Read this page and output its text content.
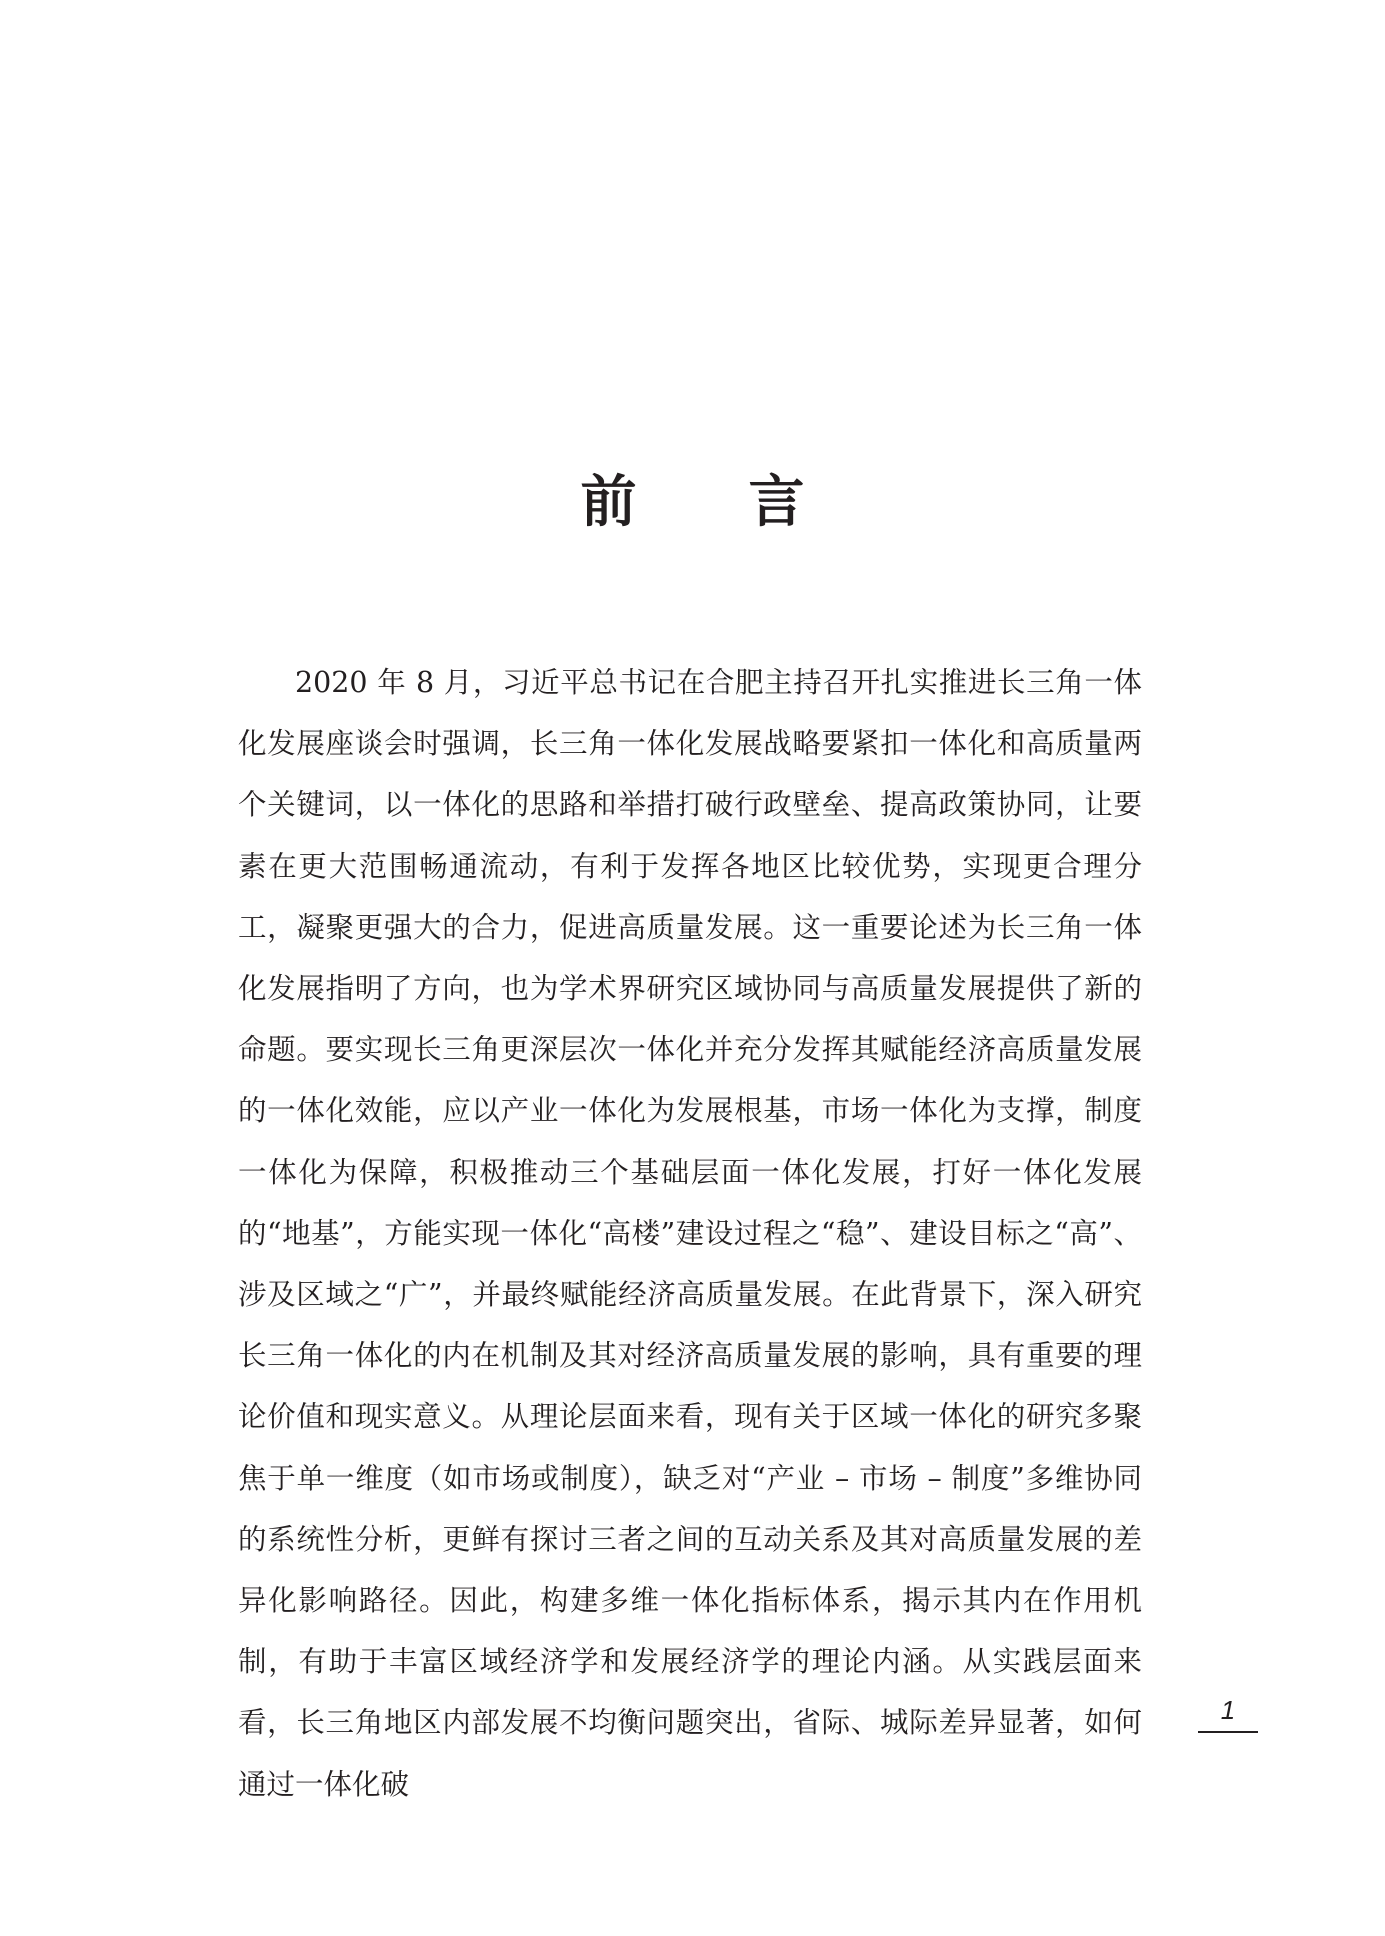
前 言

2020 年 8 月，习近平总书记在合肥主持召开扎实推进长三角一体化发展座谈会时强调，长三角一体化发展战略要紧扣一体化和高质量两个关键词，以一体化的思路和举措打破行政壁垒、提高政策协同，让要素在更大范围畅通流动，有利于发挥各地区比较优势，实现更合理分工，凝聚更强大的合力，促进高质量发展。这一重要论述为长三角一体化发展指明了方向，也为学术界研究区域协同与高质量发展提供了新的命题。要实现长三角更深层次一体化并充分发挥其赋能经济高质量发展的一体化效能，应以产业一体化为发展根基，市场一体化为支撑，制度一体化为保障，积极推动三个基础层面一体化发展，打好一体化发展的“地基”，方能实现一体化“高楼”建设过程之“稳”、建设目标之“高”、涉及区域之“广”，并最终赋能经济高质量发展。在此背景下，深入研究长三角一体化的内在机制及其对经济高质量发展的影响，具有重要的理论价值和现实意义。从理论层面来看，现有关于区域一体化的研究多聚焦于单一维度（如市场或制度），缺乏对“产业 – 市场 – 制度”多维协同的系统性分析，更鲜有探讨三者之间的互动关系及其对高质量发展的差异化影响路径。因此，构建多维一体化指标体系，揭示其内在作用机制，有助于丰富区域经济学和发展经济学的理论内涵。从实践层面来看，长三角地区内部发展不均衡问题突出，省际、城际差异显著，如何通过一体化破

1
